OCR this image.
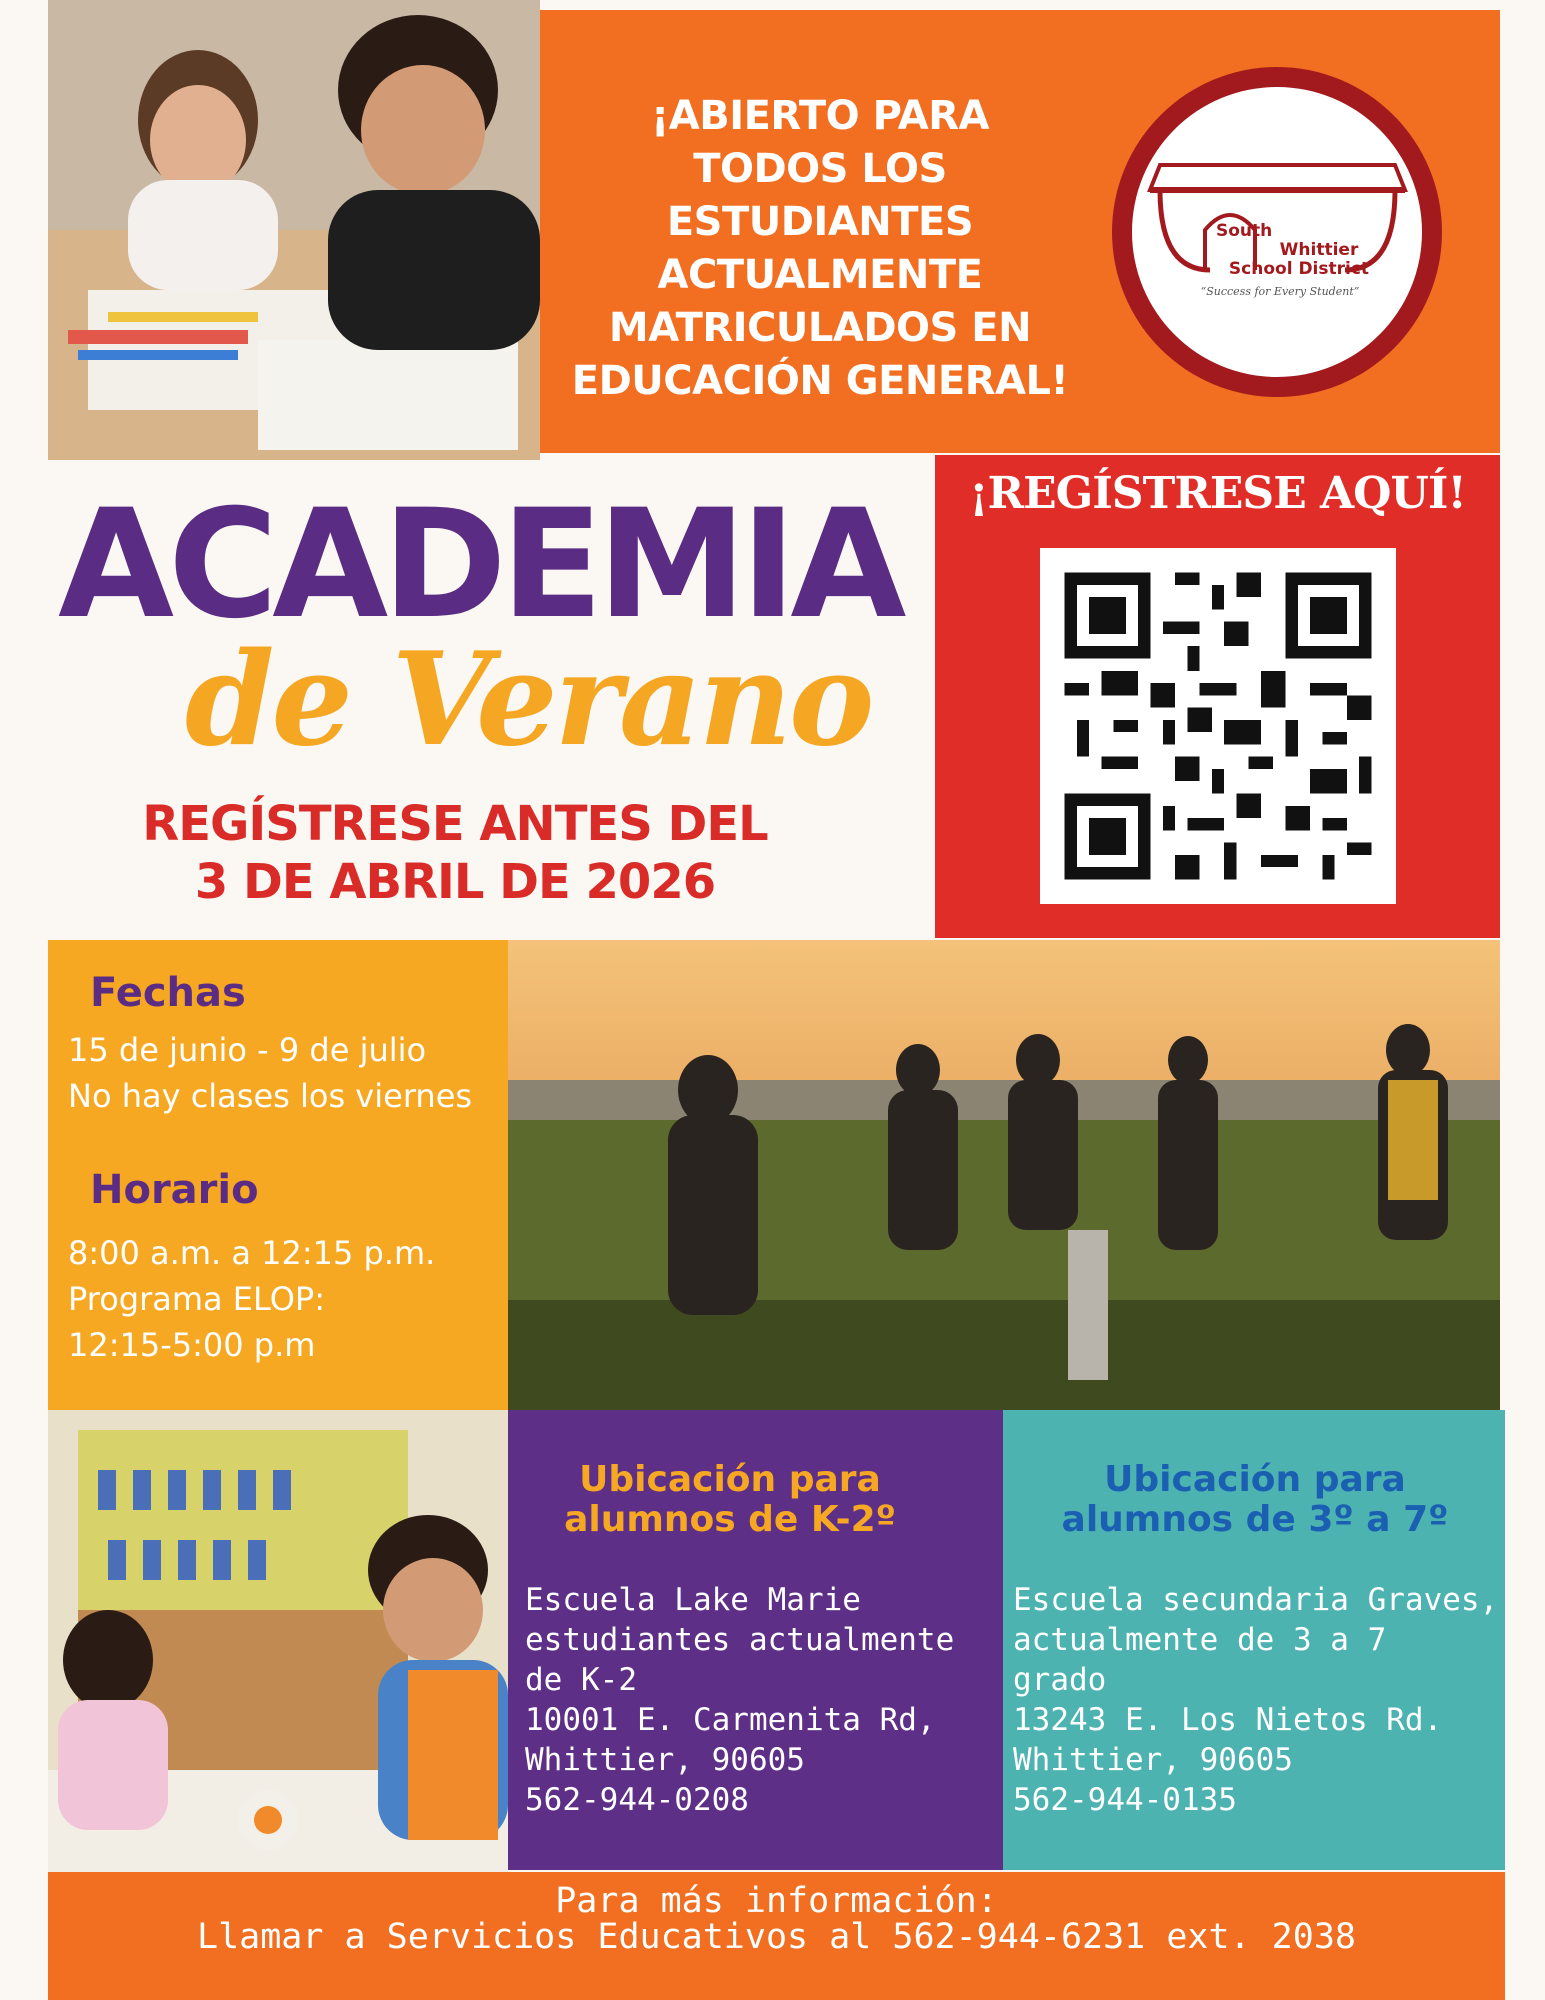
¡ABIERTO PARA TODOS LOS ESTUDIANTES ACTUALMENTE MATRICULADOS EN EDUCACIÓN GENERAL!
South
Whittier
School District
“Success for Every Student”
¡REGÍSTRESE AQUÍ!
ACADEMIA
de Verano
REGÍSTRESE ANTES DEL
3 DE ABRIL DE 2026
Fechas
15 de junio - 9 de julio
No hay clases los viernes
Horario
8:00 a.m. a 12:15 p.m.
Programa ELOP:
12:15-5:00 p.m
Ubicación para
alumnos de K-2º
Escuela Lake Marie
estudiantes actualmente
de K-2
10001 E. Carmenita Rd,
Whittier, 90605
562-944-0208
Ubicación para
alumnos de 3º a 7º
Escuela secundaria Graves,
actualmente de 3 a 7
grado
13243 E. Los Nietos Rd.
Whittier, 90605
562-944-0135
Para más información:
Llamar a Servicios Educativos al 562-944-6231 ext. 2038
